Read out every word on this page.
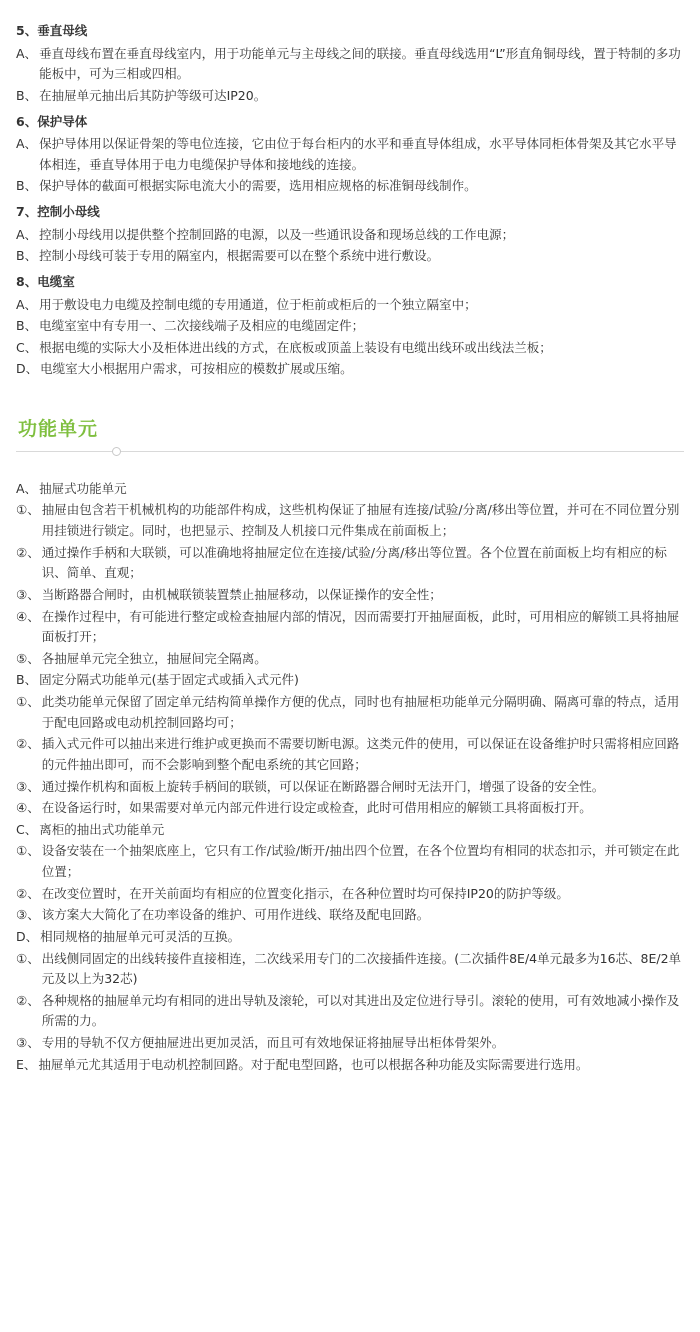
5、垂直母线
A、 垂直母线布置在垂直母线室内，用于功能单元与主母线之间的联接。垂直母线选用“L”形直角铜母线，置于特制的多功能板中，可为三相或四相。
B、 在抽屉单元抽出后其防护等级可达IP20。
6、保护导体
A、 保护导体用以保证骨架的等电位连接，它由位于每台柜内的水平和垂直导体组成，水平导体同柜体骨架及其它水平导体相连，垂直导体用于电力电缆保护导体和接地线的连接。
B、 保护导体的截面可根据实际电流大小的需要，选用相应规格的标准铜母线制作。
7、控制小母线
A、 控制小母线用以提供整个控制回路的电源，以及一些通讯设备和现场总线的工作电源；
B、 控制小母线可装于专用的隔室内，根据需要可以在整个系统中进行敷设。
8、电缆室
A、 用于敷设电力电缆及控制电缆的专用通道，位于柜前或柜后的一个独立隔室中；
B、 电缆室室中有专用一、二次接线端子及相应的电缆固定件；
C、 根据电缆的实际大小及柜体进出线的方式，在底板或顶盖上装设有电缆出线环或出线法兰板；
D、 电缆室大小根据用户需求，可按相应的模数扩展或压缩。
功能单元
A、 抽屉式功能单元
①、 抽屉由包含若干机械机构的功能部件构成，这些机构保证了抽屉有连接/试验/分离/移出等位置，并可在不同位置分别用挂锁进行锁定。同时，也把显示、控制及人机接口元件集成在前面板上；
②、 通过操作手柄和大联锁，可以准确地将抽屉定位在连接/试验/分离/移出等位置。各个位置在前面板上均有相应的标识、简单、直观；
③、 当断路器合闸时，由机械联锁装置禁止抽屉移动，以保证操作的安全性；
④、 在操作过程中，有可能进行整定或检查抽屉内部的情况，因而需要打开抽屉面板，此时，可用相应的解锁工具将抽屉面板打开；
⑤、 各抽屉单元完全独立，抽屉间完全隔离。
B、 固定分隔式功能单元(基于固定式或插入式元件)
①、 此类功能单元保留了固定单元结构简单操作方便的优点，同时也有抽屉柜功能单元分隔明确、隔离可靠的特点，适用于配电回路或电动机控制回路均可；
②、 插入式元件可以抽出来进行维护或更换而不需要切断电源。这类元件的使用，可以保证在设备维护时只需将相应回路的元件抽出即可，而不会影响到整个配电系统的其它回路；
③、 通过操作机构和面板上旋转手柄间的联锁，可以保证在断路器合闸时无法开门，增强了设备的安全性。
④、 在设备运行时，如果需要对单元内部元件进行设定或检查，此时可借用相应的解锁工具将面板打开。
C、 离柜的抽出式功能单元
①、 设备安装在一个抽架底座上，它只有工作/试验/断开/抽出四个位置，在各个位置均有相同的状态扣示，并可锁定在此位置；
②、 在改变位置时，在开关前面均有相应的位置变化指示，在各种位置时均可保持IP20的防护等级。
③、 该方案大大简化了在功率设备的维护、可用作进线、联络及配电回路。
D、 相同规格的抽屉单元可灵活的互换。
①、 出线侧同固定的出线转接件直接相连，二次线采用专门的二次接插件连接。(二次插件8E/4单元最多为16芯、8E/2单元及以上为32芯)
②、 各种规格的抽屉单元均有相同的进出导轨及滚轮，可以对其进出及定位进行导引。滚轮的使用，可有效地减小操作及所需的力。
③、 专用的导轨不仅方便抽屉进出更加灵活，而且可有效地保证将抽屉导出柜体骨架外。
E、 抽屉单元尤其适用于电动机控制回路。对于配电型回路，也可以根据各种功能及实际需要进行选用。
